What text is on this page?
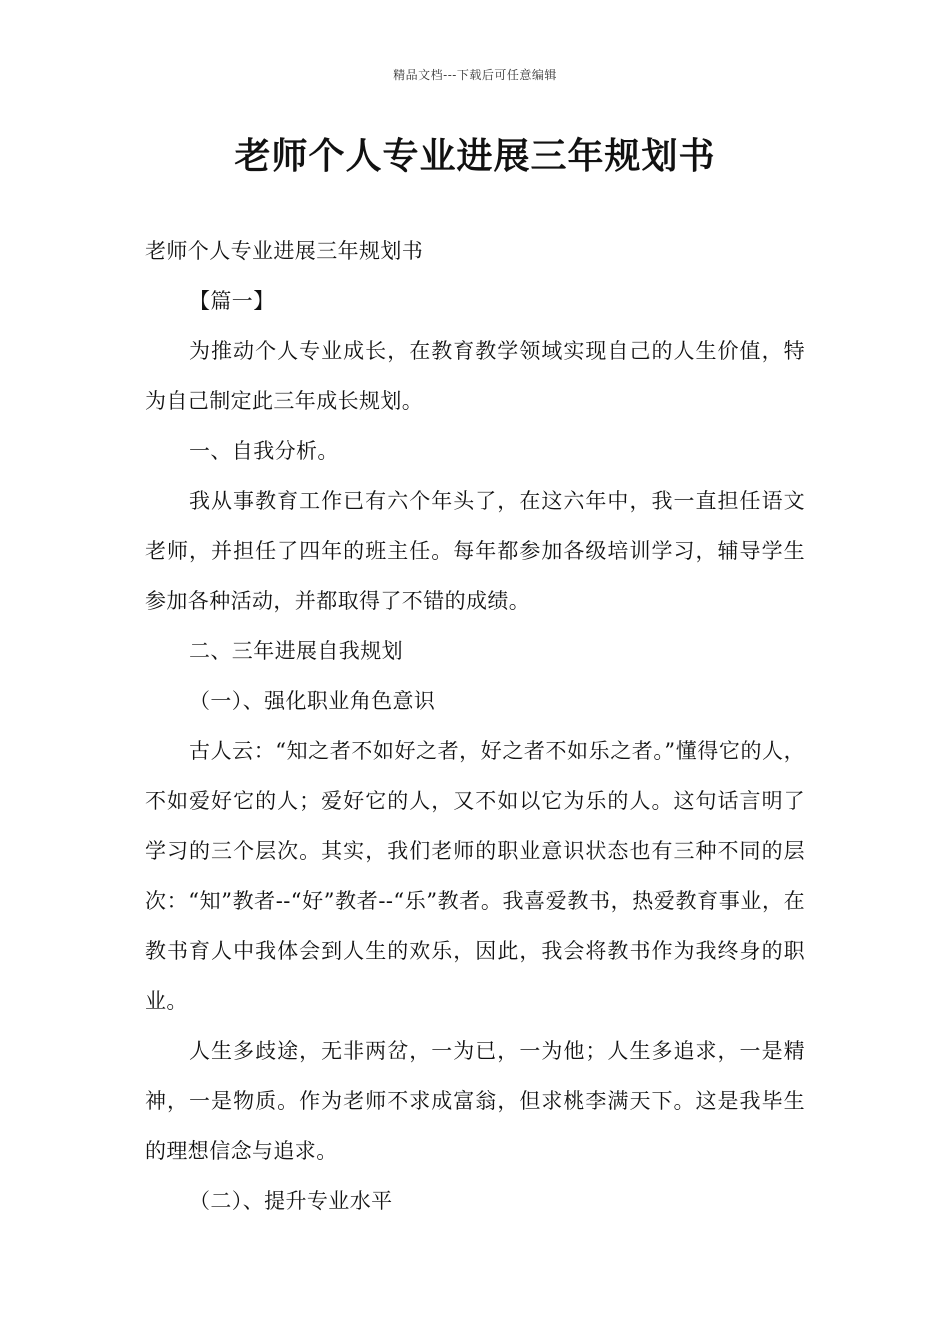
精品文档---下载后可任意编辑
老师个人专业进展三年规划书

老师个人专业进展三年规划书

【篇一】

为推动个人专业成长，在教育教学领域实现自己的人生价值，特为自己制定此三年成长规划。

一、自我分析。

我从事教育工作已有六个年头了，在这六年中，我一直担任语文老师，并担任了四年的班主任。每年都参加各级培训学习，辅导学生参加各种活动，并都取得了不错的成绩。

二、三年进展自我规划

（一）、强化职业角色意识

古人云：“知之者不如好之者，好之者不如乐之者。”懂得它的人，不如爱好它的人；爱好它的人，又不如以它为乐的人。这句话言明了学习的三个层次。其实，我们老师的职业意识状态也有三种不同的层次：“知”教者--“好”教者--“乐”教者。我喜爱教书，热爱教育事业，在教书育人中我体会到人生的欢乐，因此，我会将教书作为我终身的职业。

人生多歧途，无非两岔，一为已，一为他；人生多追求，一是精神，一是物质。作为老师不求成富翁，但求桃李满天下。这是我毕生的理想信念与追求。

（二）、提升专业水平
